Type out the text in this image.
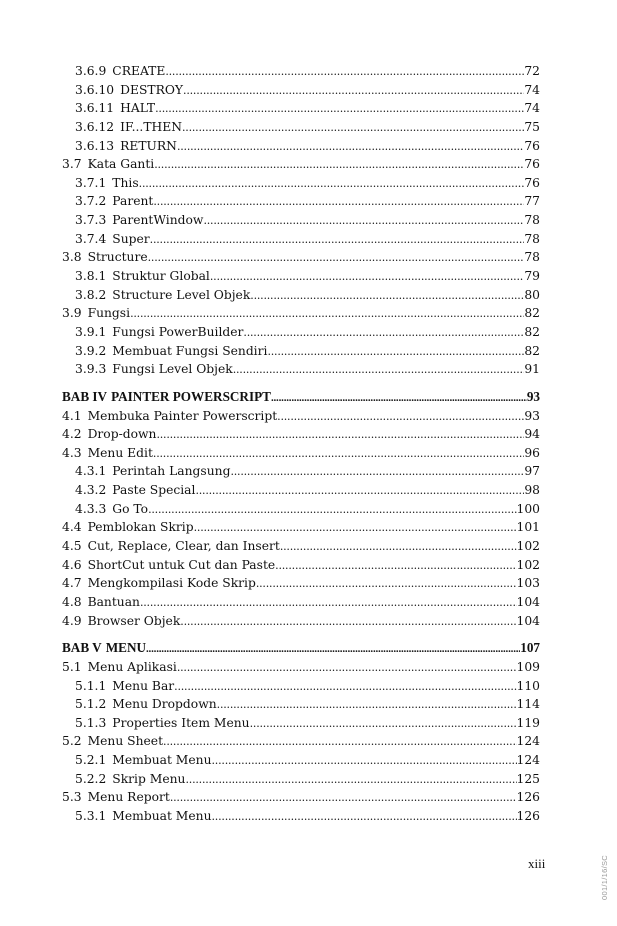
3.6.9 CREATE .....	72
3.6.10 DESTROY .....	74
3.6.11 HALT .....	74
3.6.12 IF...THEN .....	75
3.6.13 RETURN .....	76
3.7 Kata Ganti .....	76
3.7.1 This .....	76
3.7.2 Parent .....	77
3.7.3 ParentWindow .....	78
3.7.4 Super .....	78
3.8 Structure .....	78
3.8.1 Struktur Global .....	79
3.8.2 Structure Level Objek .....	80
3.9 Fungsi .....	82
3.9.1 Fungsi PowerBuilder .....	82
3.9.2 Membuat Fungsi Sendiri .....	82
3.9.3 Fungsi Level Objek .....	91
BAB IV PAINTER POWERSCRIPT .....	93
4.1 Membuka Painter Powerscript .....	93
4.2 Drop-down .....	94
4.3 Menu Edit .....	96
4.3.1 Perintah Langsung .....	97
4.3.2 Paste Special .....	98
4.3.3 Go To .....	100
4.4 Pemblokan Skrip .....	101
4.5 Cut, Replace, Clear, dan Insert .....	102
4.6 ShortCut untuk Cut dan Paste .....	102
4.7 Mengkompilasi Kode Skrip .....	103
4.8 Bantuan .....	104
4.9 Browser Objek .....	104
BAB V MENU .....	107
5.1 Menu Aplikasi .....	109
5.1.1 Menu Bar .....	110
5.1.2 Menu Dropdown .....	114
5.1.3 Properties Item Menu .....	119
5.2 Menu Sheet .....	124
5.2.1 Membuat Menu .....	124
5.2.2 Skrip Menu .....	125
5.3 Menu Report .....	126
5.3.1 Membuat Menu .....	126
xiii	001/1/16/SC
